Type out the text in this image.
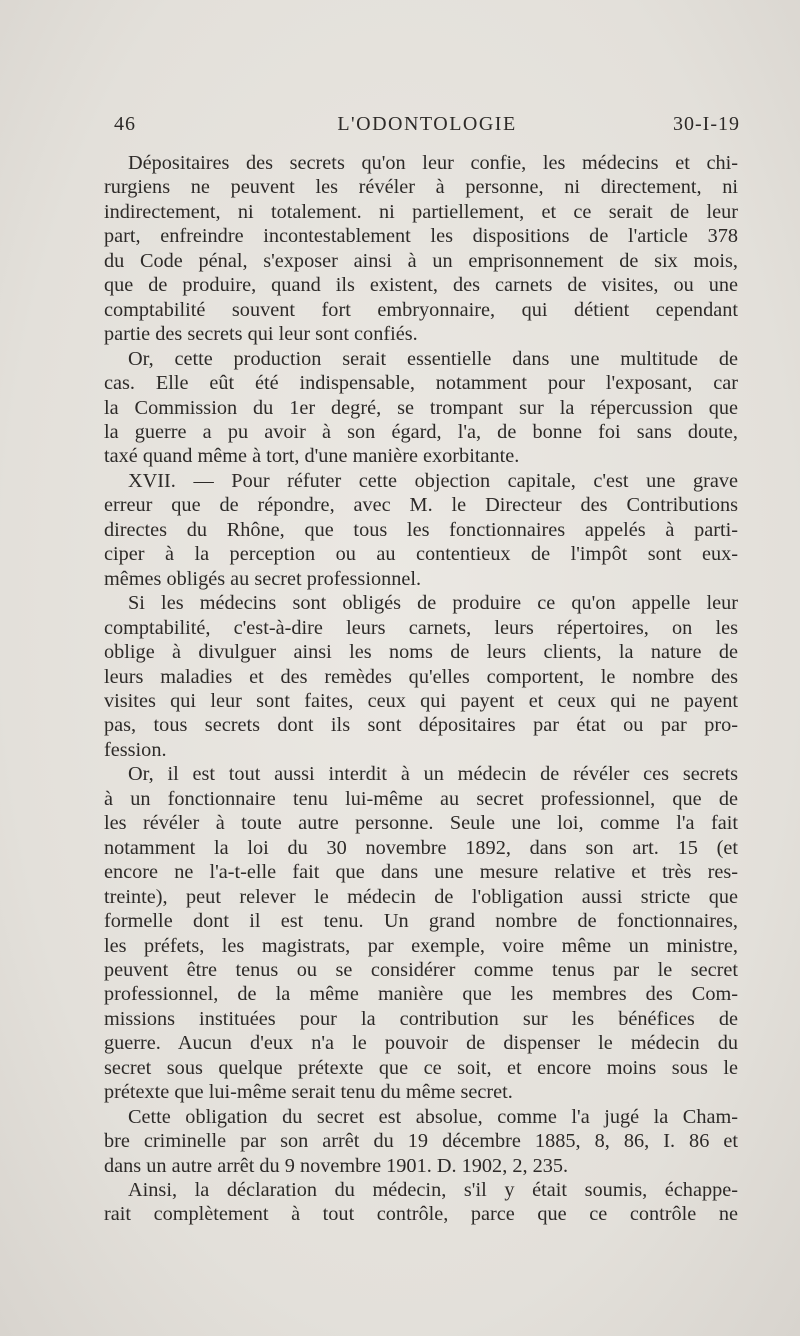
46	L'ODONTOLOGIE	30-I-19
Dépositaires des secrets qu'on leur confie, les médecins et chi-
rurgiens ne peuvent les révéler à personne, ni directement, ni
indirectement, ni totalement. ni partiellement, et ce serait de leur
part, enfreindre incontestablement les dispositions de l'article 378
du Code pénal, s'exposer ainsi à un emprisonnement de six mois,
que de produire, quand ils existent, des carnets de visites, ou une
comptabilité souvent fort embryonnaire, qui détient cependant
partie des secrets qui leur sont confiés.
Or, cette production serait essentielle dans une multitude de
cas. Elle eût été indispensable, notamment pour l'exposant, car
la Commission du 1er degré, se trompant sur la répercussion que
la guerre a pu avoir à son égard, l'a, de bonne foi sans doute,
taxé quand même à tort, d'une manière exorbitante.
XVII. — Pour réfuter cette objection capitale, c'est une grave
erreur que de répondre, avec M. le Directeur des Contributions
directes du Rhône, que tous les fonctionnaires appelés à parti-
ciper à la perception ou au contentieux de l'impôt sont eux-
mêmes obligés au secret professionnel.
Si les médecins sont obligés de produire ce qu'on appelle leur
comptabilité, c'est-à-dire leurs carnets, leurs répertoires, on les
oblige à divulguer ainsi les noms de leurs clients, la nature de
leurs maladies et des remèdes qu'elles comportent, le nombre des
visites qui leur sont faites, ceux qui payent et ceux qui ne payent
pas, tous secrets dont ils sont dépositaires par état ou par pro-
fession.
Or, il est tout aussi interdit à un médecin de révéler ces secrets
à un fonctionnaire tenu lui-même au secret professionnel, que de
les révéler à toute autre personne. Seule une loi, comme l'a fait
notamment la loi du 30 novembre 1892, dans son art. 15 (et
encore ne l'a-t-elle fait que dans une mesure relative et très res-
treinte), peut relever le médecin de l'obligation aussi stricte que
formelle dont il est tenu. Un grand nombre de fonctionnaires,
les préfets, les magistrats, par exemple, voire même un ministre,
peuvent être tenus ou se considérer comme tenus par le secret
professionnel, de la même manière que les membres des Com-
missions instituées pour la contribution sur les bénéfices de
guerre. Aucun d'eux n'a le pouvoir de dispenser le médecin du
secret sous quelque prétexte que ce soit, et encore moins sous le
prétexte que lui-même serait tenu du même secret.
Cette obligation du secret est absolue, comme l'a jugé la Cham-
bre criminelle par son arrêt du 19 décembre 1885, 8, 86, I. 86 et
dans un autre arrêt du 9 novembre 1901. D. 1902, 2, 235.
Ainsi, la déclaration du médecin, s'il y était soumis, échappe-
rait complètement à tout contrôle, parce que ce contrôle ne
